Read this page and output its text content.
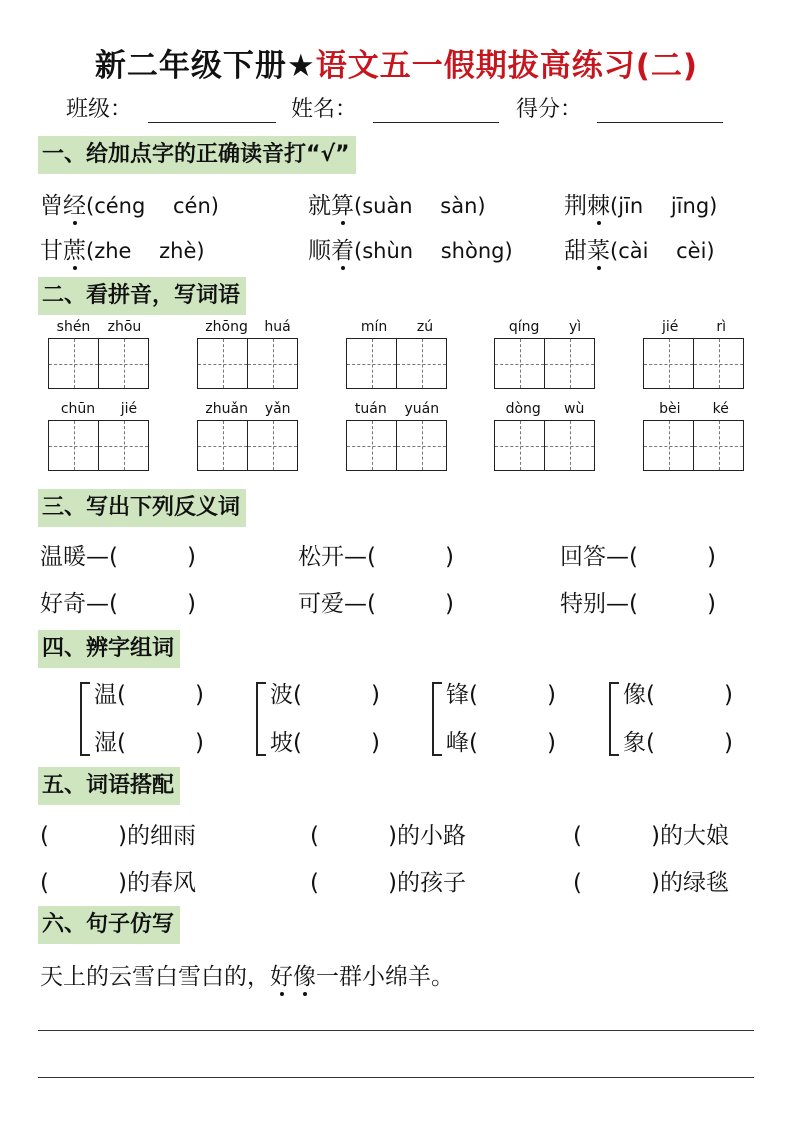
新二年级下册★语文五一假期拔高练习(二)
班级：	姓名：	得分：
一、给加点字的正确读音打“√”
曾经(céng　 cén)	就算(suàn　 sàn)	荆棘(jīn　 jīng)
甘蔗(zhe　 zhè)	顺着(shùn　 shòng) 甜菜(cài　 cèi)
二、看拼音，写词语
shén zhōu	zhōng huá	mín zú	qíng yì	jié	rì
chūn jié	zhuǎn yǎn	tuán yuán	dòng wù	bèi ké
三、写出下列反义词
温暖—(　　　)	松开—(　　　)	回答—(　　　)
好奇—(　　　)	可爱—(　　　)	特别—(　　　)
四、辨字组词
温(　　　)
湿(　　　)
波(　　　)
坡(　　　)
锋(　　　)
峰(　　　)
像(　　　)
象(　　　)
五、词语搭配
(　　　)的细雨	(　　　)的小路	(　　　)的大娘
(　　　)的春风	(　　　)的孩子	(　　　)的绿毯
六、句子仿写
天上的云雪白雪白的，好像一群小绵羊。
